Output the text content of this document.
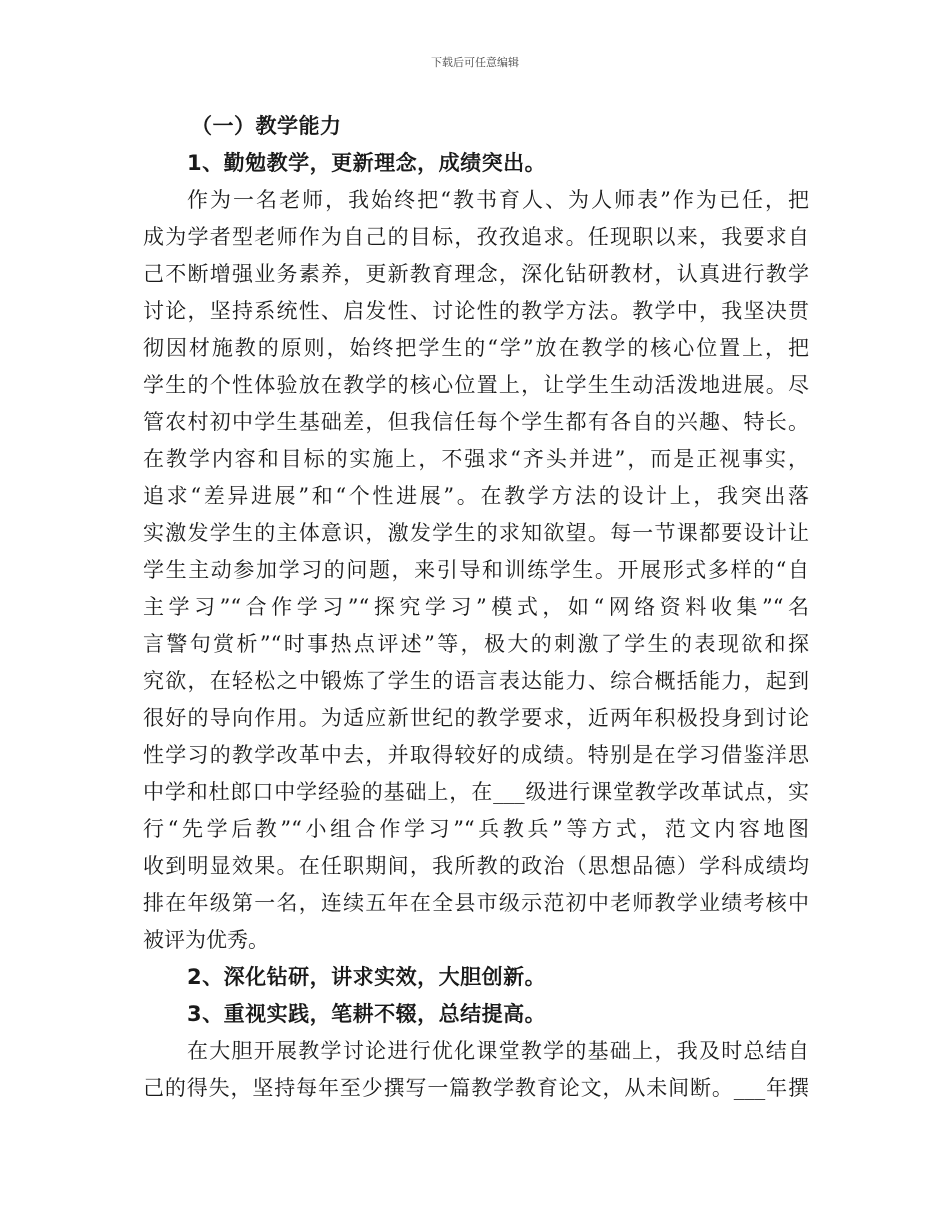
下载后可任意编辑
（一）教学能力
1、勤勉教学，更新理念，成绩突出。
作为一名老师，我始终把“教书育人、为人师表”作为已任，把
成为学者型老师作为自己的目标，孜孜追求。任现职以来，我要求自
己不断增强业务素养，更新教育理念，深化钻研教材，认真进行教学
讨论，坚持系统性、启发性、讨论性的教学方法。教学中，我坚决贯
彻因材施教的原则，始终把学生的“学”放在教学的核心位置上，把
学生的个性体验放在教学的核心位置上，让学生生动活泼地进展。尽
管农村初中学生基础差，但我信任每个学生都有各自的兴趣、特长。
在教学内容和目标的实施上，不强求“齐头并进”，而是正视事实，
追求“差异进展”和“个性进展”。在教学方法的设计上，我突出落
实激发学生的主体意识，激发学生的求知欲望。每一节课都要设计让
学生主动参加学习的问题，来引导和训练学生。开展形式多样的“自
主学习”“合作学习”“探究学习”模式，如“网络资料收集”“名
言警句赏析”“时事热点评述”等，极大的刺激了学生的表现欲和探
究欲，在轻松之中锻炼了学生的语言表达能力、综合概括能力，起到
很好的导向作用。为适应新世纪的教学要求，近两年积极投身到讨论
性学习的教学改革中去，并取得较好的成绩。特别是在学习借鉴洋思
中学和杜郎口中学经验的基础上，在___级进行课堂教学改革试点，实
行“先学后教”“小组合作学习”“兵教兵”等方式，范文内容地图
收到明显效果。在任职期间，我所教的政治（思想品德）学科成绩均
排在年级第一名，连续五年在全县市级示范初中老师教学业绩考核中
被评为优秀。
2、深化钻研，讲求实效，大胆创新。
3、重视实践，笔耕不辍，总结提高。
在大胆开展教学讨论进行优化课堂教学的基础上，我及时总结自
己的得失，坚持每年至少撰写一篇教学教育论文，从未间断。___年撰
